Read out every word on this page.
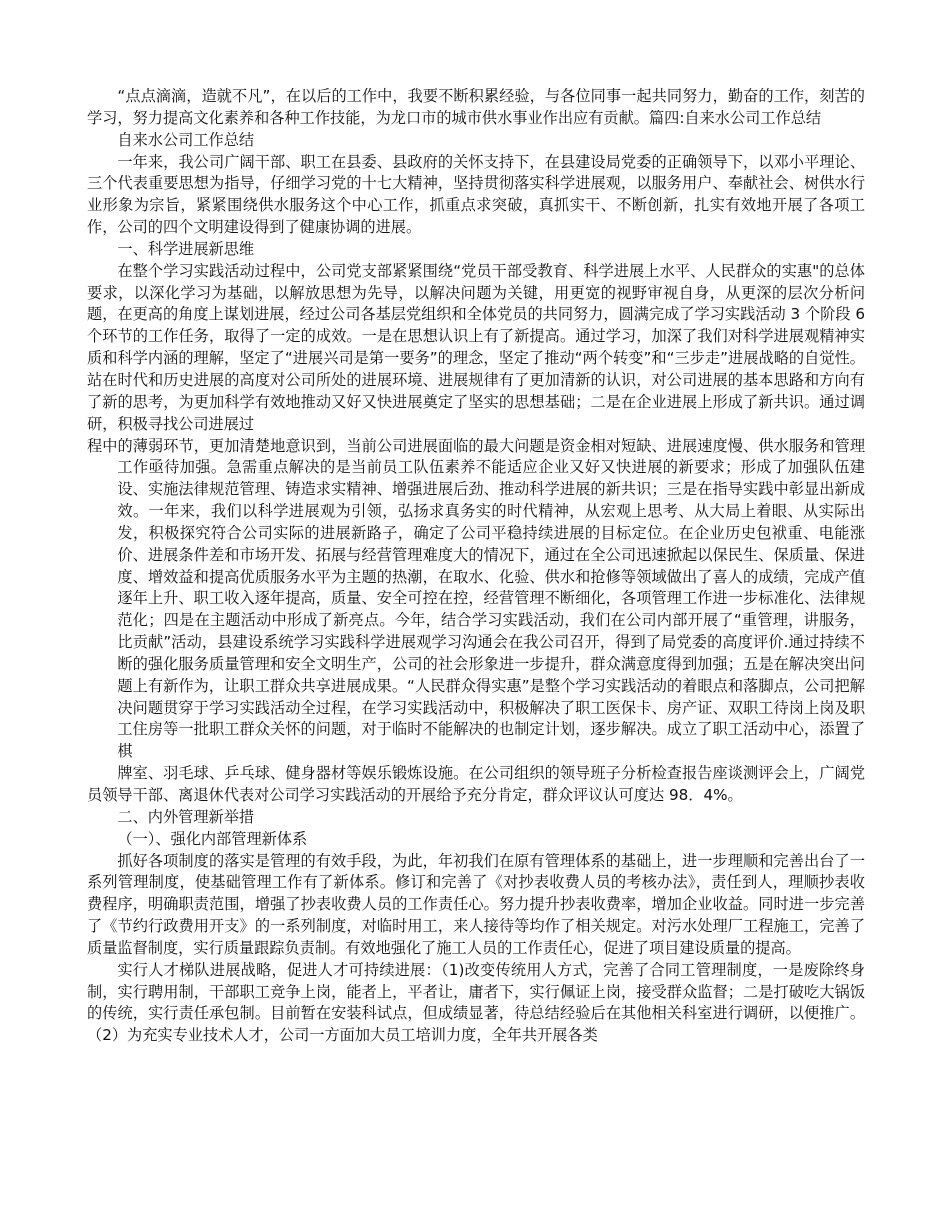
“点点滴滴，造就不凡”，在以后的工作中，我要不断积累经验，与各位同事一起共同努力，勤奋的工作，刻苦的学习，努力提高文化素养和各种工作技能，为龙口市的城市供水事业作出应有贡献。篇四:自来水公司工作总结

自来水公司工作总结

一年来，我公司广阔干部、职工在县委、县政府的关怀支持下，在县建设局党委的正确领导下，以邓小平理论、三个代表重要思想为指导，仔细学习党的十七大精神，坚持贯彻落实科学进展观，以服务用户、奉献社会、树供水行业形象为宗旨，紧紧围绕供水服务这个中心工作，抓重点求突破，真抓实干、不断创新，扎实有效地开展了各项工作，公司的四个文明建设得到了健康协调的进展。

一、科学进展新思维

在整个学习实践活动过程中，公司党支部紧紧围绕“党员干部受教育、科学进展上水平、人民群众的实惠"的总体要求，以深化学习为基础，以解放思想为先导，以解决问题为关键，用更宽的视野审视自身，从更深的层次分析问题，在更高的角度上谋划进展，经过公司各基层党组织和全体党员的共同努力，圆满完成了学习实践活动 3 个阶段 6 个环节的工作任务，取得了一定的成效。一是在思想认识上有了新提高。通过学习，加深了我们对科学进展观精神实质和科学内涵的理解，坚定了“进展兴司是第一要务”的理念，坚定了推动“两个转变”和“三步走”进展战略的自觉性。站在时代和历史进展的高度对公司所处的进展环境、进展规律有了更加清新的认识，对公司进展的基本思路和方向有了新的思考，为更加科学有效地推动又好又快进展奠定了坚实的思想基础；二是在企业进展上形成了新共识。通过调研，积极寻找公司进展过

程中的薄弱环节，更加清楚地意识到，当前公司进展面临的最大问题是资金相对短缺、进展速度慢、供水服务和管理工作亟待加强。急需重点解决的是当前员工队伍素养不能适应企业又好又快进展的新要求；形成了加强队伍建设、实施法律规范管理、铸造求实精神、增强进展后劲、推动科学进展的新共识；三是在指导实践中彰显出新成效。一年来，我们以科学进展观为引领，弘扬求真务实的时代精神，从宏观上思考、从大局上着眼、从实际出发，积极探究符合公司实际的进展新路子，确定了公司平稳持续进展的目标定位。在企业历史包袱重、电能涨价、进展条件差和市场开发、拓展与经营管理难度大的情况下，通过在全公司迅速掀起以保民生、保质量、保进度、增效益和提高优质服务水平为主题的热潮，在取水、化验、供水和抢修等领域做出了喜人的成绩，完成产值逐年上升、职工收入逐年提高，质量、安全可控在控，经营管理不断细化，各项管理工作进一步标准化、法律规范化；四是在主题活动中形成了新亮点。今年，结合学习实践活动，我们在公司内部开展了“重管理，讲服务，比贡献”活动，县建设系统学习实践科学进展观学习沟通会在我公司召开，得到了局党委的高度评价.通过持续不断的强化服务质量管理和安全文明生产，公司的社会形象进一步提升，群众满意度得到加强；五是在解决突出问题上有新作为，让职工群众共享进展成果。“人民群众得实惠”是整个学习实践活动的着眼点和落脚点，公司把解决问题贯穿于学习实践活动全过程，在学习实践活动中，积极解决了职工医保卡、房产证、双职工待岗上岗及职工住房等一批职工群众关怀的问题，对于临时不能解决的也制定计划，逐步解决。成立了职工活动中心，添置了棋

牌室、羽毛球、乒乓球、健身器材等娱乐锻炼设施。在公司组织的领导班子分析检查报告座谈测评会上，广阔党员领导干部、离退休代表对公司学习实践活动的开展给予充分肯定，群众评议认可度达 98．4%。

二、内外管理新举措

（一）、强化内部管理新体系

抓好各项制度的落实是管理的有效手段，为此，年初我们在原有管理体系的基础上，进一步理顺和完善出台了一系列管理制度，使基础管理工作有了新体系。修订和完善了《对抄表收费人员的考核办法》，责任到人，理顺抄表收费程序，明确职责范围，增强了抄表收费人员的工作责任心。努力提升抄表收费率，增加企业收益。同时进一步完善了《节约行政费用开支》的一系列制度，对临时用工，来人接待等均作了相关规定。对污水处理厂工程施工，完善了质量监督制度，实行质量跟踪负责制。有效地强化了施工人员的工作责任心，促进了项目建设质量的提高。

实行人才梯队进展战略，促进人才可持续进展：（1)改变传统用人方式，完善了合同工管理制度，一是废除终身制，实行聘用制，干部职工竞争上岗，能者上，平者让，庸者下，实行佩证上岗，接受群众监督；二是打破吃大锅饭的传统，实行责任承包制。目前暂在安装科试点，但成绩显著，待总结经验后在其他相关科室进行调研，以便推广。（2）为充实专业技术人才，公司一方面加大员工培训力度，全年共开展各类
